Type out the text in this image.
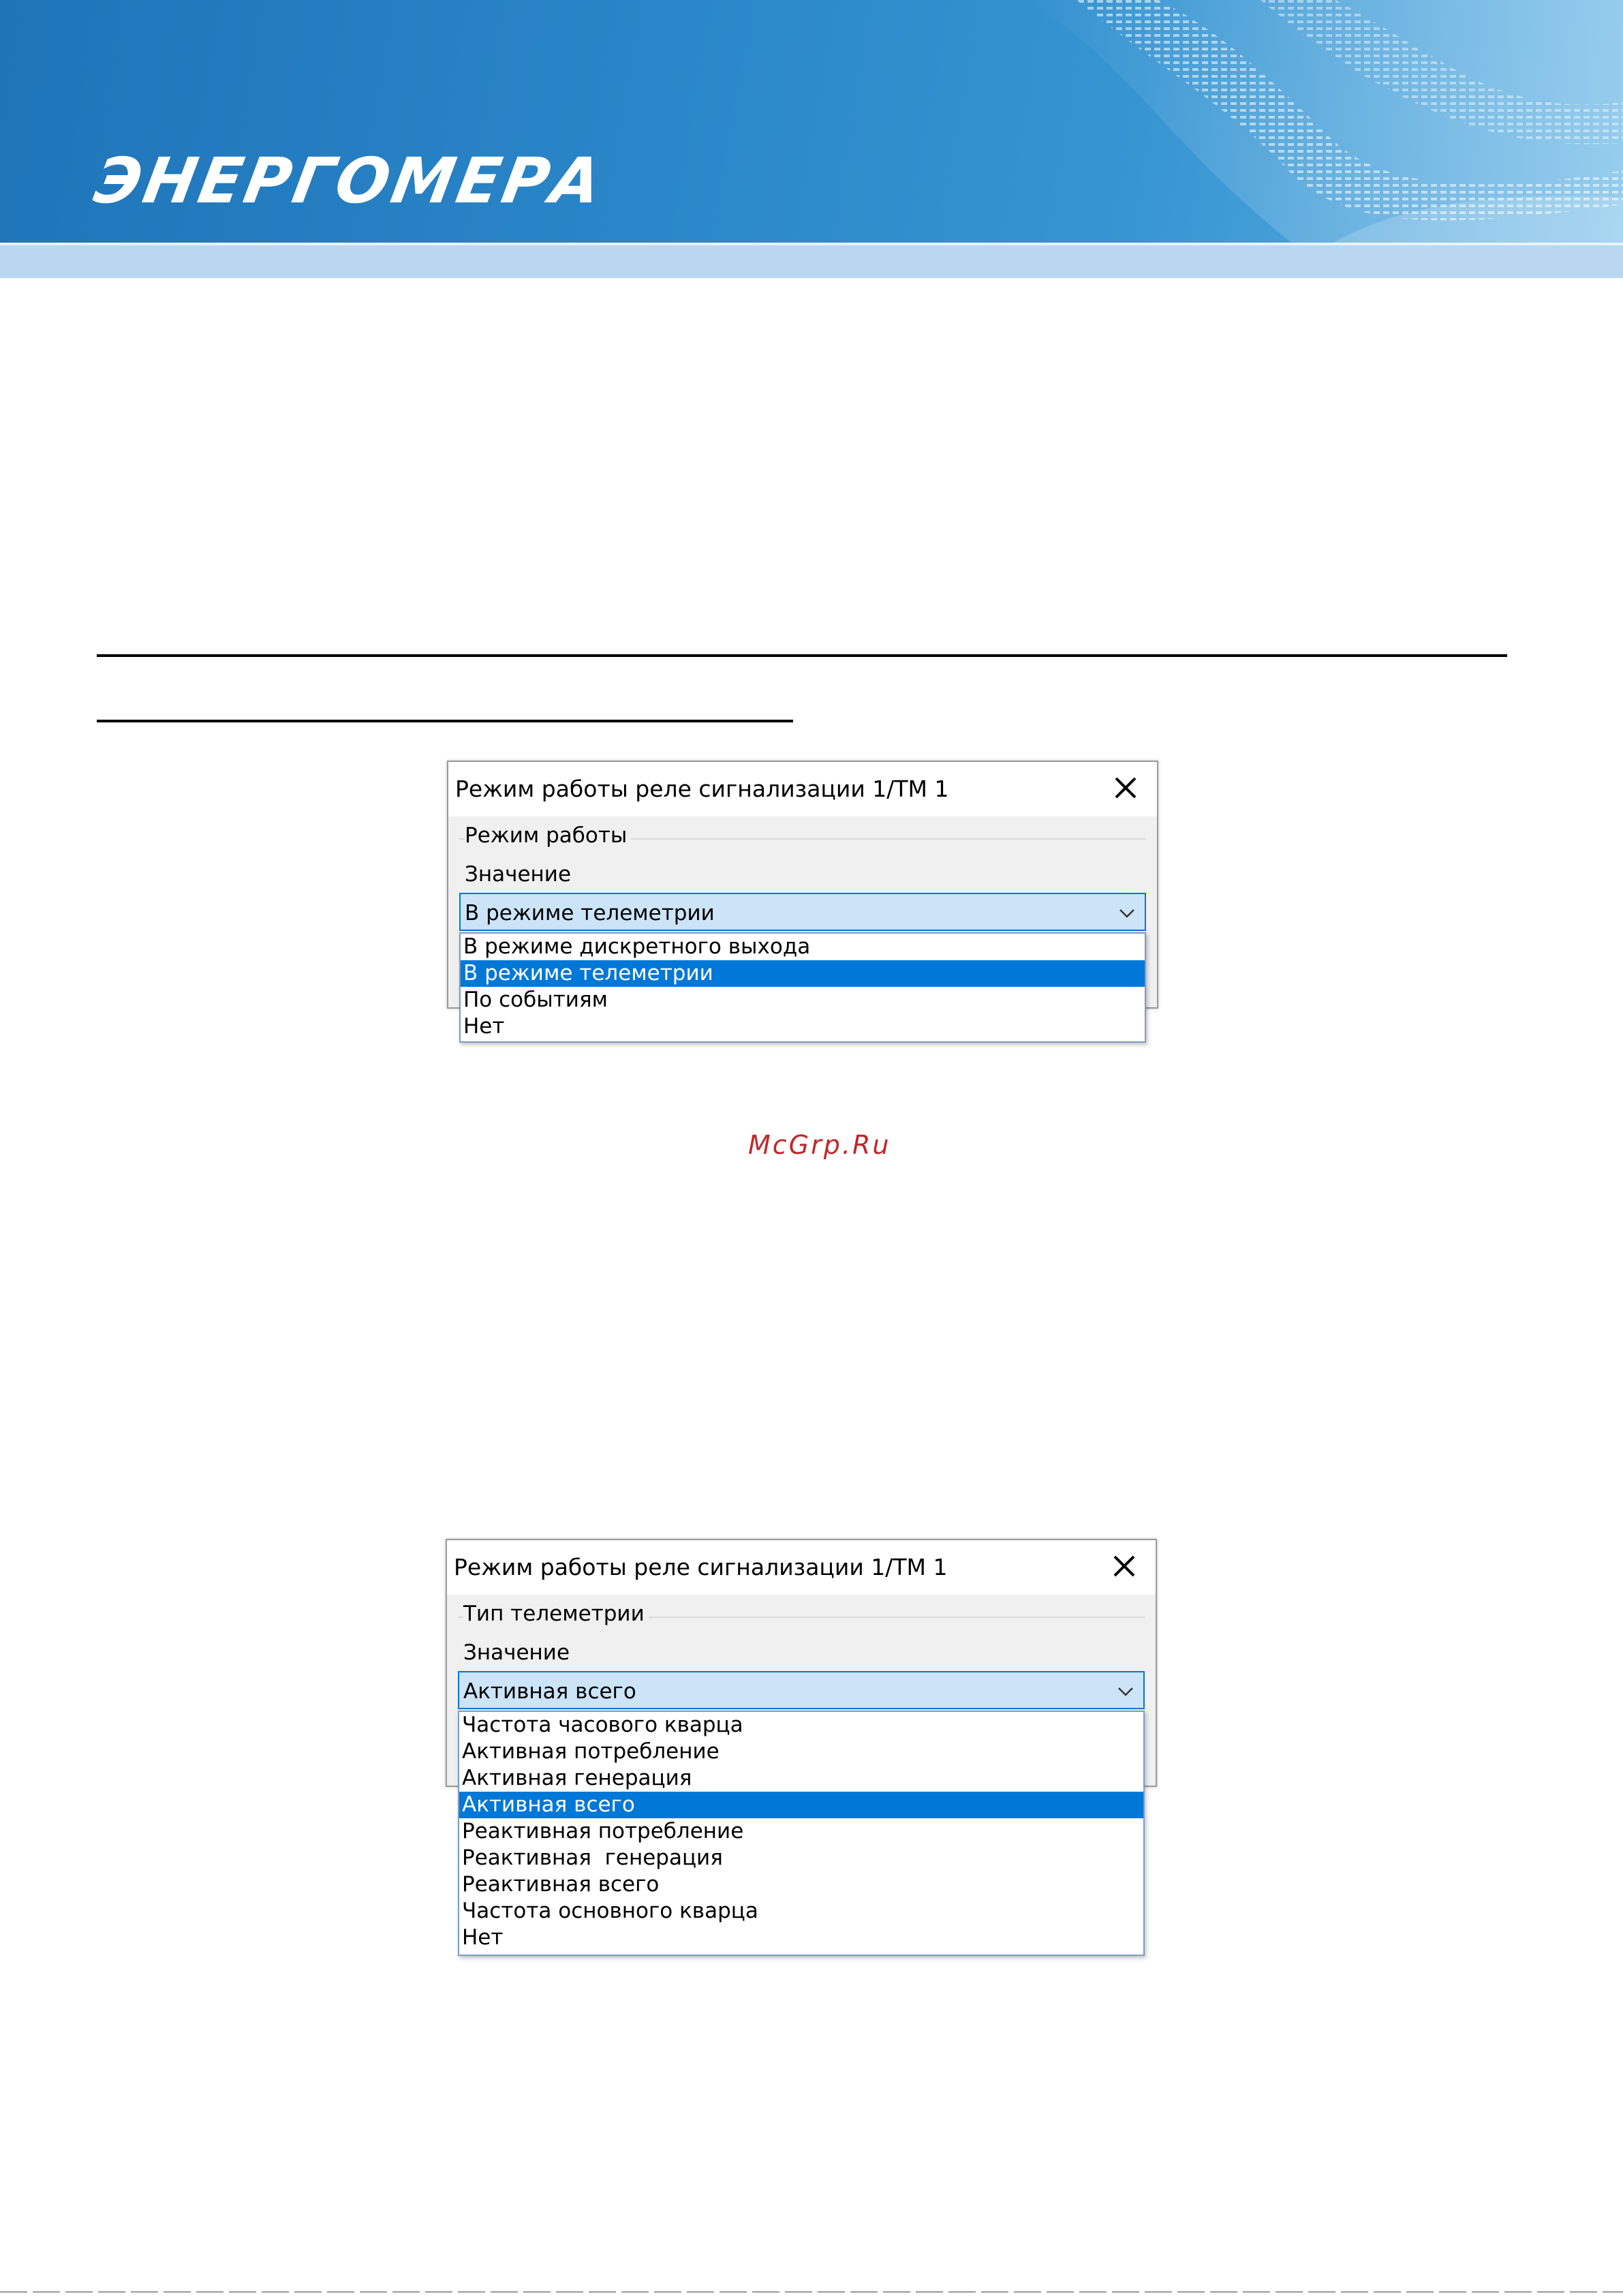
ЭНЕРГОМЕРА
Режим работы реле сигнализации 1/TM 1
Режим работы
Значение
В режиме телеметрии
В режиме дискретного выхода
В режиме телеметрии
По событиям
Нет
McGrp.Ru
Режим работы реле сигнализации 1/TM 1
Тип телеметрии
Значение
Активная всего
Частота часового кварца
Активная потребление
Активная генерация
Активная всего
Реактивная потребление
Реактивная  генерация
Реактивная всего
Частота основного кварца
Нет
